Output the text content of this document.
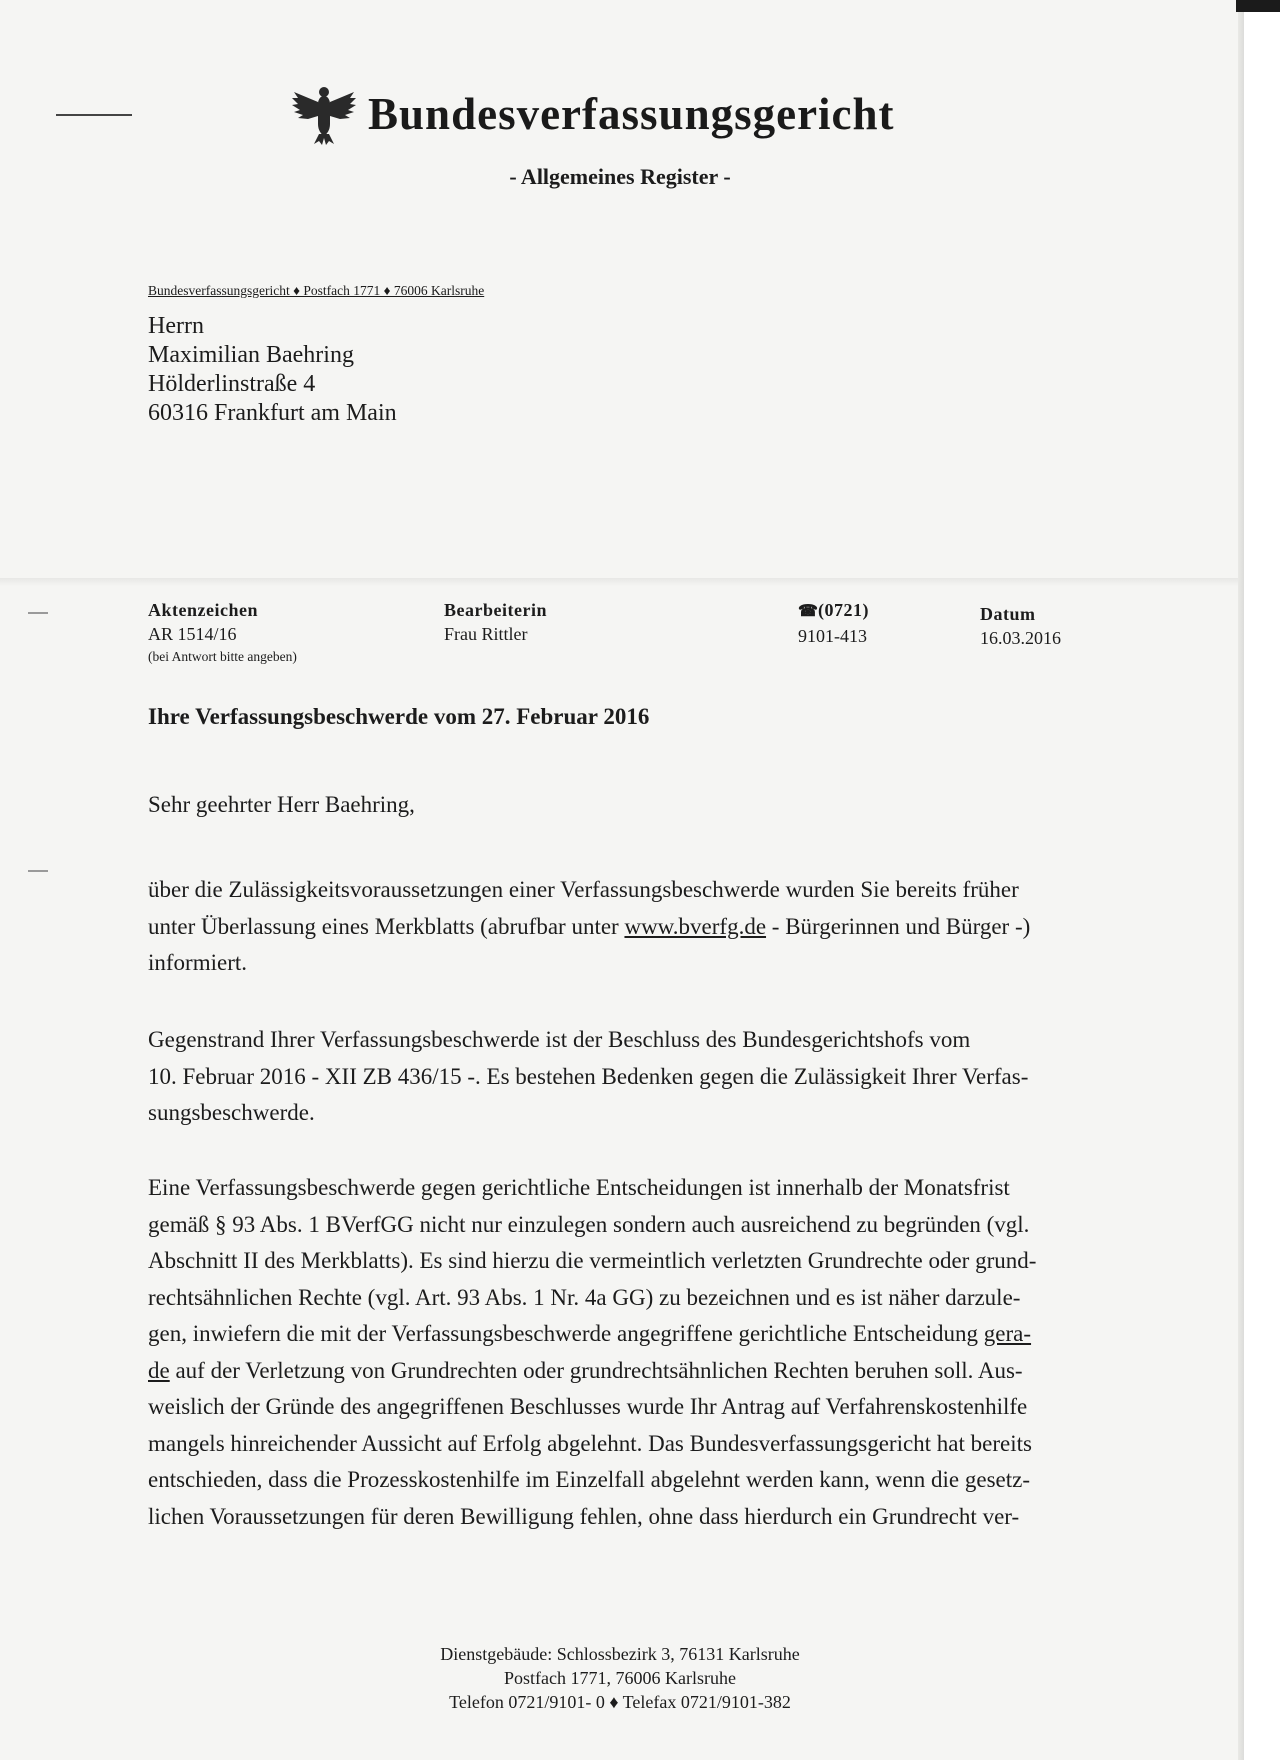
Bundesverfassungsgericht
- Allgemeines Register -
Bundesverfassungsgericht ♦ Postfach 1771 ♦ 76006 Karlsruhe
Herrn
Maximilian Baehring
Hölderlinstraße 4
60316 Frankfurt am Main
Aktenzeichen
AR 1514/16
(bei Antwort bitte angeben)
Bearbeiterin
Frau Rittler
☎(0721)
9101-413
Datum
16.03.2016
Ihre Verfassungsbeschwerde vom 27. Februar 2016
Sehr geehrter Herr Baehring,
über die Zulässigkeitsvoraussetzungen einer Verfassungsbeschwerde wurden Sie bereits früher
unter Überlassung eines Merkblatts (abrufbar unter www.bverfg.de - Bürgerinnen und Bürger -)
informiert.
Gegenstrand Ihrer Verfassungsbeschwerde ist der Beschluss des Bundesgerichtshofs vom
10. Februar 2016 - XII ZB 436/15 -. Es bestehen Bedenken gegen die Zulässigkeit Ihrer Verfas-
sungsbeschwerde.
Eine Verfassungsbeschwerde gegen gerichtliche Entscheidungen ist innerhalb der Monatsfrist
gemäß § 93 Abs. 1 BVerfGG nicht nur einzulegen sondern auch ausreichend zu begründen (vgl.
Abschnitt II des Merkblatts). Es sind hierzu die vermeintlich verletzten Grundrechte oder grund-
rechtsähnlichen Rechte (vgl. Art. 93 Abs. 1 Nr. 4a GG) zu bezeichnen und es ist näher darzule-
gen, inwiefern die mit der Verfassungsbeschwerde angegriffene gerichtliche Entscheidung gera-
de auf der Verletzung von Grundrechten oder grundrechtsähnlichen Rechten beruhen soll. Aus-
weislich der Gründe des angegriffenen Beschlusses wurde Ihr Antrag auf Verfahrenskostenhilfe
mangels hinreichender Aussicht auf Erfolg abgelehnt. Das Bundesverfassungsgericht hat bereits
entschieden, dass die Prozesskostenhilfe im Einzelfall abgelehnt werden kann, wenn die gesetz-
lichen Voraussetzungen für deren Bewilligung fehlen, ohne dass hierdurch ein Grundrecht ver-
Dienstgebäude: Schlossbezirk 3, 76131 Karlsruhe
Postfach 1771, 76006 Karlsruhe
Telefon 0721/9101- 0 ♦ Telefax 0721/9101-382
